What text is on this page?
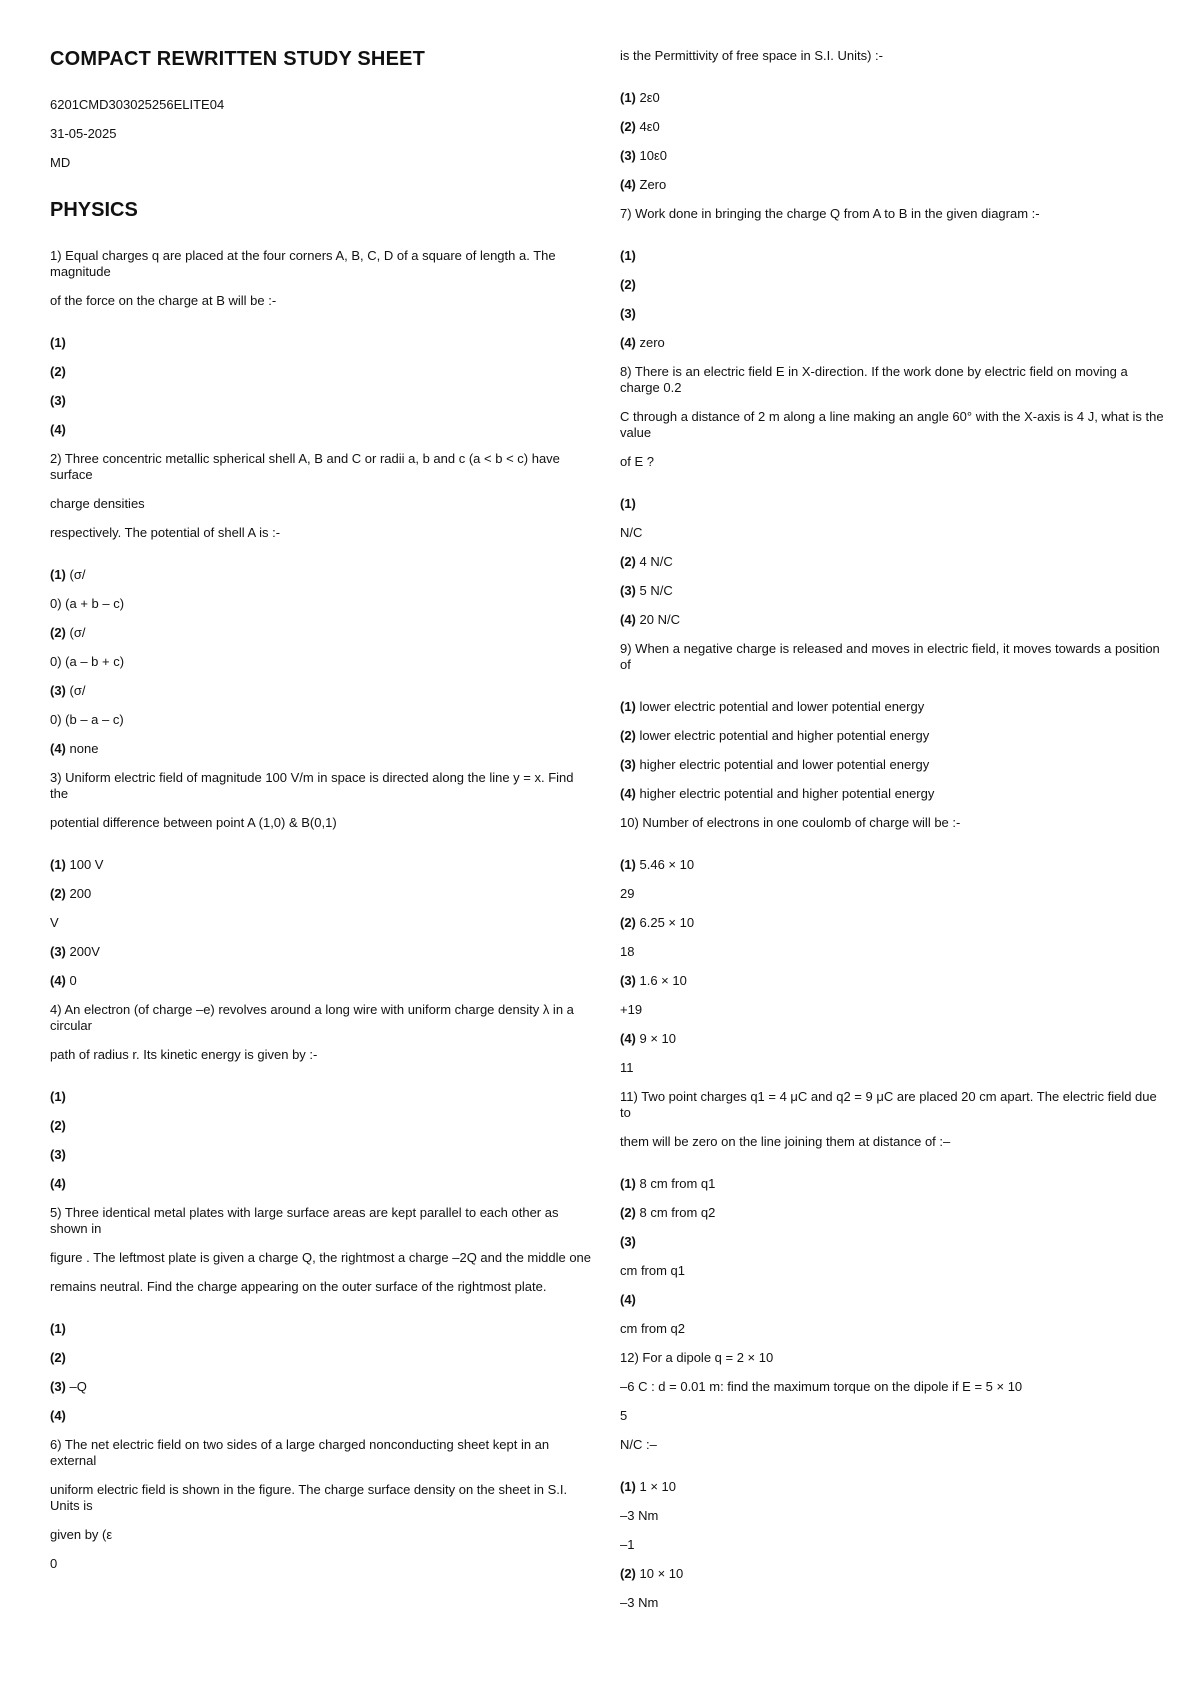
COMPACT REWRITTEN STUDY SHEET
6201CMD303025256ELITE04
31-05-2025
MD
PHYSICS
1) Equal charges q are placed at the four corners A, B, C, D of a square of length a. The magnitude
of the force on the charge at B will be :-
(1)
(2)
(3)
(4)
2) Three concentric metallic spherical shell A, B and C or radii a, b and c (a < b < c) have surface
charge densities
respectively. The potential of shell A is :-
(1) (σ/
0) (a + b – c)
(2) (σ/
0) (a – b + c)
(3) (σ/
0) (b – a – c)
(4) none
3) Uniform electric field of magnitude 100 V/m in space is directed along the line y = x. Find the
potential difference between point A (1,0) & B(0,1)
(1) 100 V
(2) 200
V
(3) 200V
(4) 0
4) An electron (of charge –e) revolves around a long wire with uniform charge density λ in a circular
path of radius r. Its kinetic energy is given by :-
(1)
(2)
(3)
(4)
5) Three identical metal plates with large surface areas are kept parallel to each other as shown in
figure . The leftmost plate is given a charge Q, the rightmost a charge –2Q and the middle one
remains neutral. Find the charge appearing on the outer surface of the rightmost plate.
(1)
(2)
(3) –Q
(4)
6) The net electric field on two sides of a large charged nonconducting sheet kept in an external
uniform electric field is shown in the figure. The charge surface density on the sheet in S.I. Units is
given by (ε
0
is the Permittivity of free space in S.I. Units) :-
(1) 2ε0
(2) 4ε0
(3) 10ε0
(4) Zero
7) Work done in bringing the charge Q from A to B in the given diagram :-
(1)
(2)
(3)
(4) zero
8) There is an electric field E in X-direction. If the work done by electric field on moving a charge 0.2
C through a distance of 2 m along a line making an angle 60° with the X-axis is 4 J, what is the value
of E ?
(1)
N/C
(2) 4 N/C
(3) 5 N/C
(4) 20 N/C
9) When a negative charge is released and moves in electric field, it moves towards a position of
(1) lower electric potential and lower potential energy
(2) lower electric potential and higher potential energy
(3) higher electric potential and lower potential energy
(4) higher electric potential and higher potential energy
10) Number of electrons in one coulomb of charge will be :-
(1) 5.46 × 10
29
(2) 6.25 × 10
18
(3) 1.6 × 10
+19
(4) 9 × 10
11
11) Two point charges q1 = 4 μC and q2 = 9 μC are placed 20 cm apart. The electric field due to
them will be zero on the line joining them at distance of :–
(1) 8 cm from q1
(2) 8 cm from q2
(3)
cm from q1
(4)
cm from q2
12) For a dipole q = 2 × 10
–6 C : d = 0.01 m: find the maximum torque on the dipole if E = 5 × 10
5
N/C :–
(1) 1 × 10
–3 Nm
–1
(2) 10 × 10
–3 Nm
